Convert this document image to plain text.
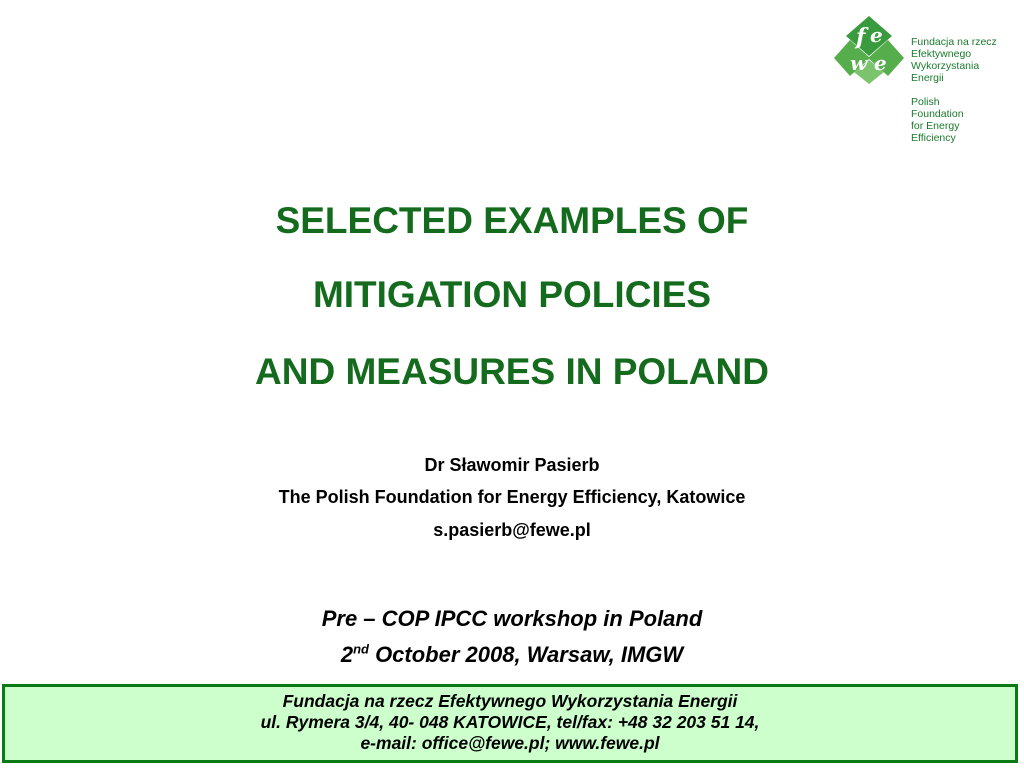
f e
w e
Fundacja na rzecz
Efektywnego
Wykorzystania
Energii
Polish
Foundation
for Energy
Efficiency
SELECTED EXAMPLES OF
MITIGATION POLICIES
AND MEASURES IN POLAND
Dr Sławomir Pasierb
The Polish Foundation for Energy Efficiency, Katowice
s.pasierb@fewe.pl
Pre – COP IPCC workshop in Poland
2nd October 2008, Warsaw, IMGW
Fundacja na rzecz Efektywnego Wykorzystania Energii
ul. Rymera 3/4, 40- 048 KATOWICE, tel/fax: +48 32 203 51 14,
e-mail: office@fewe.pl; www.fewe.pl
